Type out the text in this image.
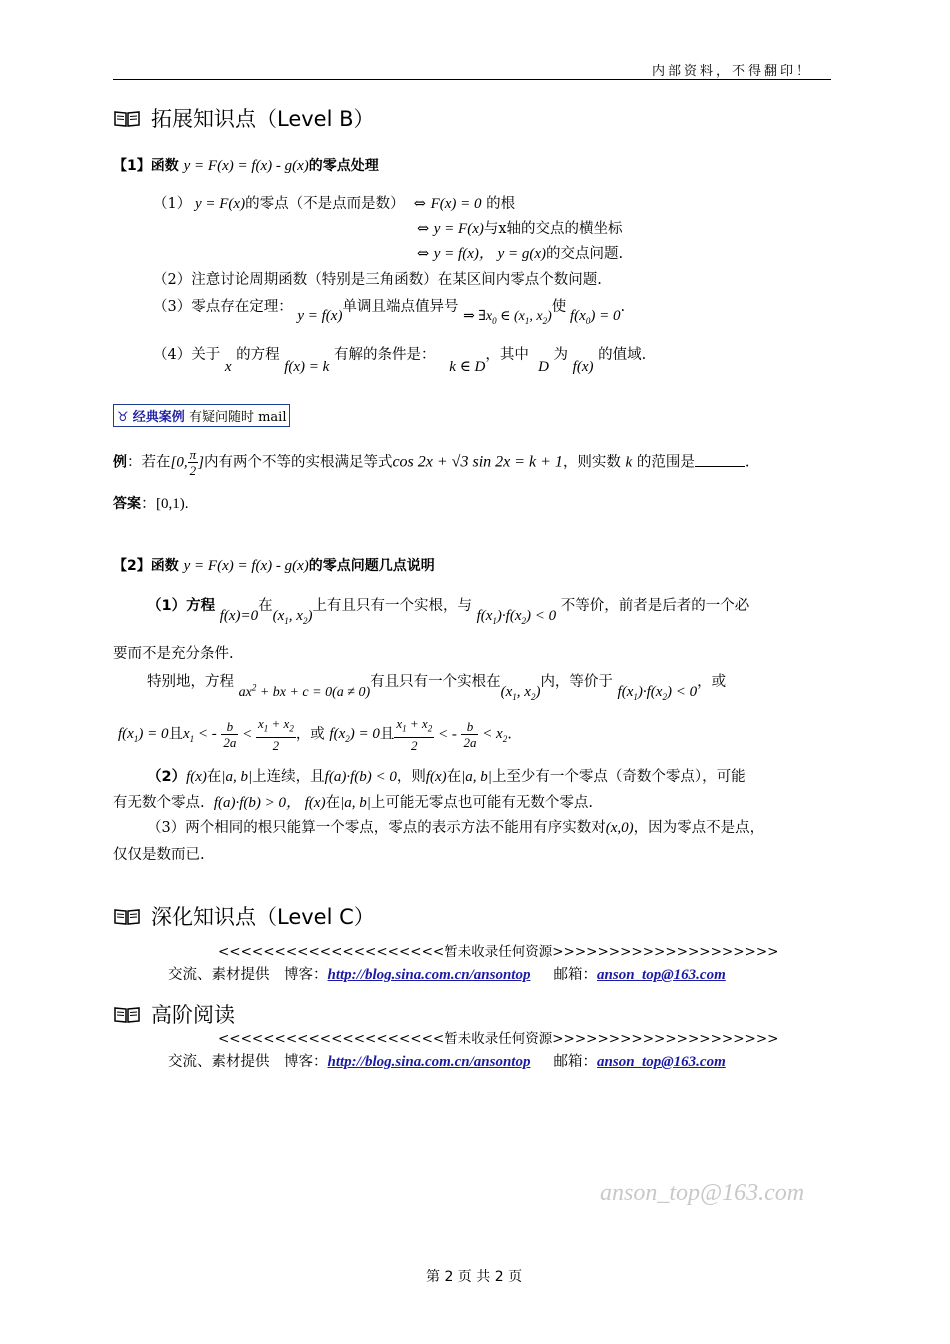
内部资料，不得翻印！
拓展知识点（Level B）
【1】函数 y = F(x) = f(x) - g(x)的零点处理
（1） y = F(x)的零点（不是点而是数）  ⇔ F(x) = 0 的根
⇔ y = F(x)与x轴的交点的横坐标
⇔ y = f(x)， y = g(x)的交点问题.
（2）注意讨论周期函数（特别是三角函数）在某区间内零点个数问题.
（3）零点存在定理： y = f(x)单调且端点值异号 ⇒ $\exists x_0$ ∈ ($x_1$, $x_2$)使 $f(x_0) = 0$.
（4）关于 x 的方程 f(x) = k 有解的条件是：   k ∈ D，其中  D 为 f(x) 的值域.
♉ 经典案例 有疑问随时 mail
例：若在[0, $\frac{\pi}{2}$ ]内有两个不等的实根满足等式cos 2x + √3 sin 2x = k + 1，则实数 k 的范围是	.
答案：[0,1).
【2】函数 y = F(x) = f(x) - g(x)的零点问题几点说明
（1）方程 f(x)=0在($x_1$, $x_2$)上有且只有一个实根，与 $f(x_1)\cdot f(x_2) < 0$ 不等价，前者是后者的一个必
要而不是充分条件.
特别地，方程 $ax^2$ + bx + c = 0(a ≠ 0)有且只有一个实根在($x_1$, $x_2$)内，等价于 $f(x_1)\cdot f(x_2) < 0$，或
$f(x_1) = 0$且$x_1$ < - $\frac{b}{2a} < \frac{x_1 + x_2}{2}$ ，或 $f(x_2) = 0$且 $\frac{x_1 + x_2}{2}$ < - $\frac{b}{2a} < x_2$.
（2）f(x)在|a, b|上连续，且f(a)·f(b) < 0，则f(x)在|a, b|上至少有一个零点（奇数个零点），可能
有无数个零点. f(a)·f(b) > 0， f(x)在|a, b|上可能无零点也可能有无数个零点.
（3）两个相同的根只能算一个零点，零点的表示方法不能用有序实数对(x,0)，因为零点不是点，
仅仅是数而已.
深化知识点（Level C）
<<<<<<<<<<<<<<<<<<<<暂未收录任何资源>>>>>>>>>>>>>>>>>>>>
交流、素材提供　博客：http://blog.sina.com.cn/ansontop 邮箱：anson_top@163.com
高阶阅读
<<<<<<<<<<<<<<<<<<<<暂未收录任何资源>>>>>>>>>>>>>>>>>>>>
交流、素材提供　博客：http://blog.sina.com.cn/ansontop 邮箱：anson_top@163.com
anson_top@163.com
第 2 页 共 2 页
